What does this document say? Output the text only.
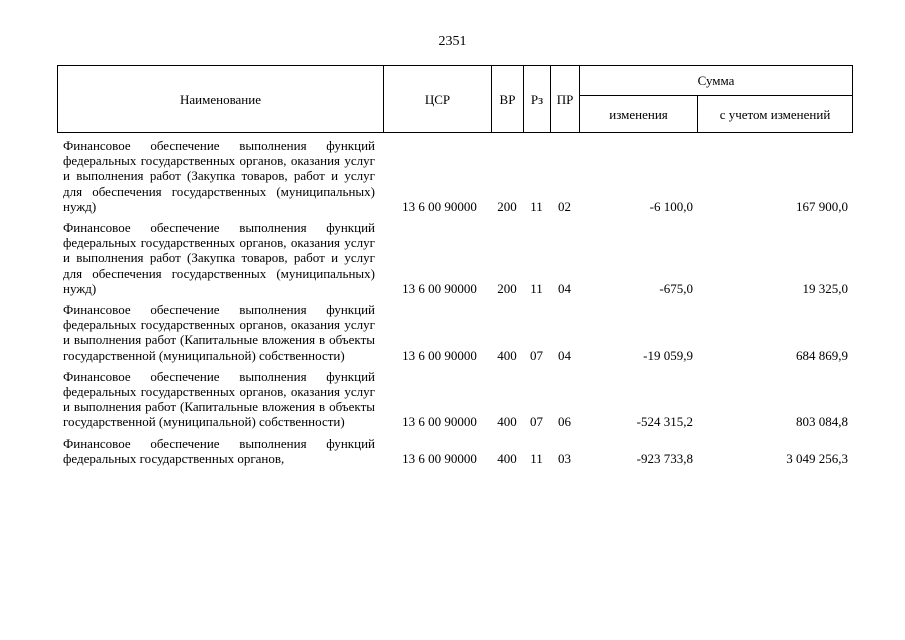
2351
Наименование	ЦСР	ВР	Рз	ПР	Сумма	
					изменения	с учетом изменений
Финансовое обеспечение выполнения функций федеральных государственных органов, оказания услуг и выполнения работ (Закупка товаров, работ и услуг для обеспечения государственных (муниципальных) нужд)	13 6 00 90000	200	11	02	-6 100,0	167 900,0
Финансовое обеспечение выполнения функций федеральных государственных органов, оказания услуг и выполнения работ (Закупка товаров, работ и услуг для обеспечения государственных (муниципальных) нужд)	13 6 00 90000	200	11	04	-675,0	19 325,0
Финансовое обеспечение выполнения функций федеральных государственных органов, оказания услуг и выполнения работ (Капитальные вложения в объекты государственной (муниципальной) собственности)	13 6 00 90000	400	07	04	-19 059,9	684 869,9
Финансовое обеспечение выполнения функций федеральных государственных органов, оказания услуг и выполнения работ (Капитальные вложения в объекты государственной (муниципальной) собственности)	13 6 00 90000	400	07	06	-524 315,2	803 084,8
Финансовое обеспечение выполнения функций федеральных государственных органов,	13 6 00 90000	400	11	03	-923 733,8	3 049 256,3
